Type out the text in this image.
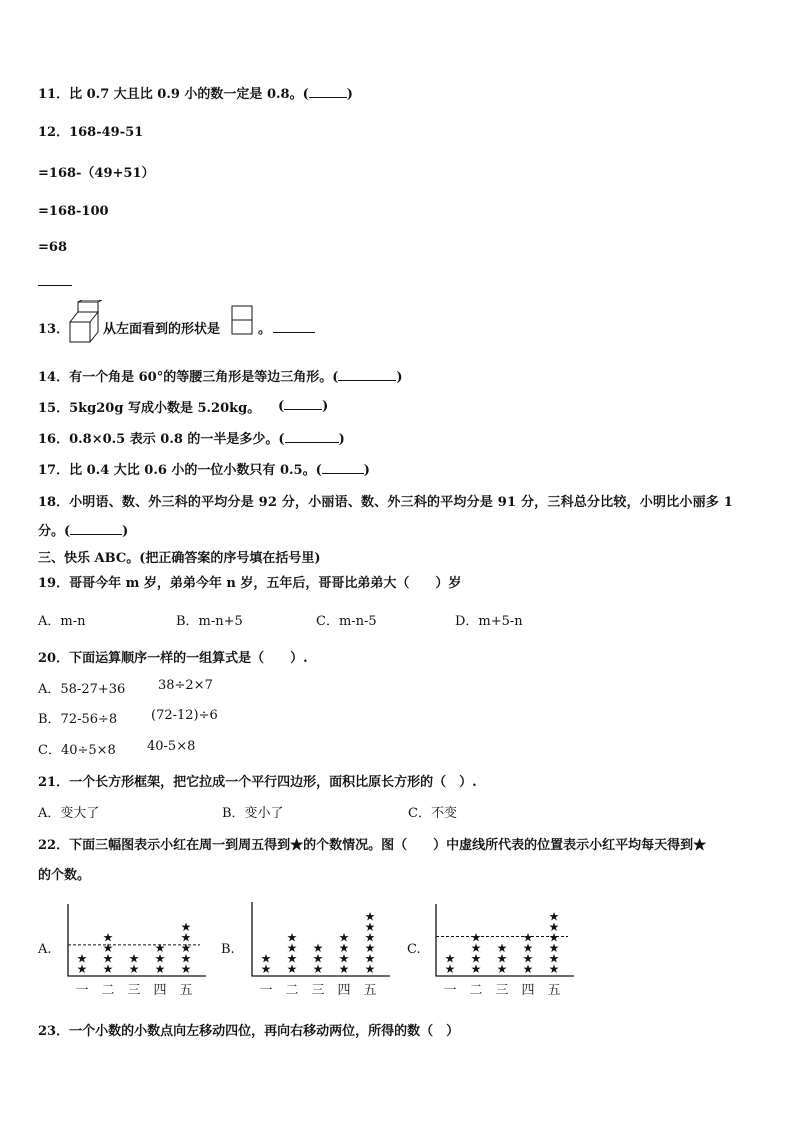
11．比 0.7 大且比 0.9 小的数一定是 0.8。(	)
12．168-49-51
=168-（49+51）
=168-100
=68
13．	从左面看到的形状是	。
14．有一个角是 60°的等腰三角形是等边三角形。(	)
15．5kg20g 写成小数是 5.20kg。 (	)
16．0.8×0.5 表示 0.8 的一半是多少。(	)
17．比 0.4 大比 0.6 小的一位小数只有 0.5。(	)
18．小明语、数、外三科的平均分是 92 分，小丽语、数、外三科的平均分是 91 分，三科总分比较，小明比小丽多 1
分。(	)
三、快乐 ABC。(把正确答案的序号填在括号里)
19．哥哥今年 m 岁，弟弟今年 n 岁，五年后，哥哥比弟弟大（　　）岁
A．m-n	B．m-n+5	C．m-n-5	D．m+5-n
20．下面运算顺序一样的一组算式是（　　）.
A．58-27+36	38÷2×7
B．72-56÷8	(72-12)÷6
C．40÷5×8 40-5×8
21．一个长方形框架，把它拉成一个平行四边形，面积比原长方形的（　）.
A．变大了	B．变小了	C．不变
22．下面三幅图表示小红在周一到周五得到★的个数情况。图（　　）中虚线所代表的位置表示小红平均每天得到★
的个数。
A.	B.	C.
★
★
一
★
★
★
★
二
★
★
三
★
★
★
四
★
★
★
★
★
五
★
★
一
★
★
★
★
二
★
★
★
三
★
★
★
★
四
★
★
★
★
★
★
五
★
★
一
★
★
★
★
二
★
★
★
三
★
★
★
★
四
★
★
★
★
★
★
五
23．一个小数的小数点向左移动四位，再向右移动两位，所得的数（　）
